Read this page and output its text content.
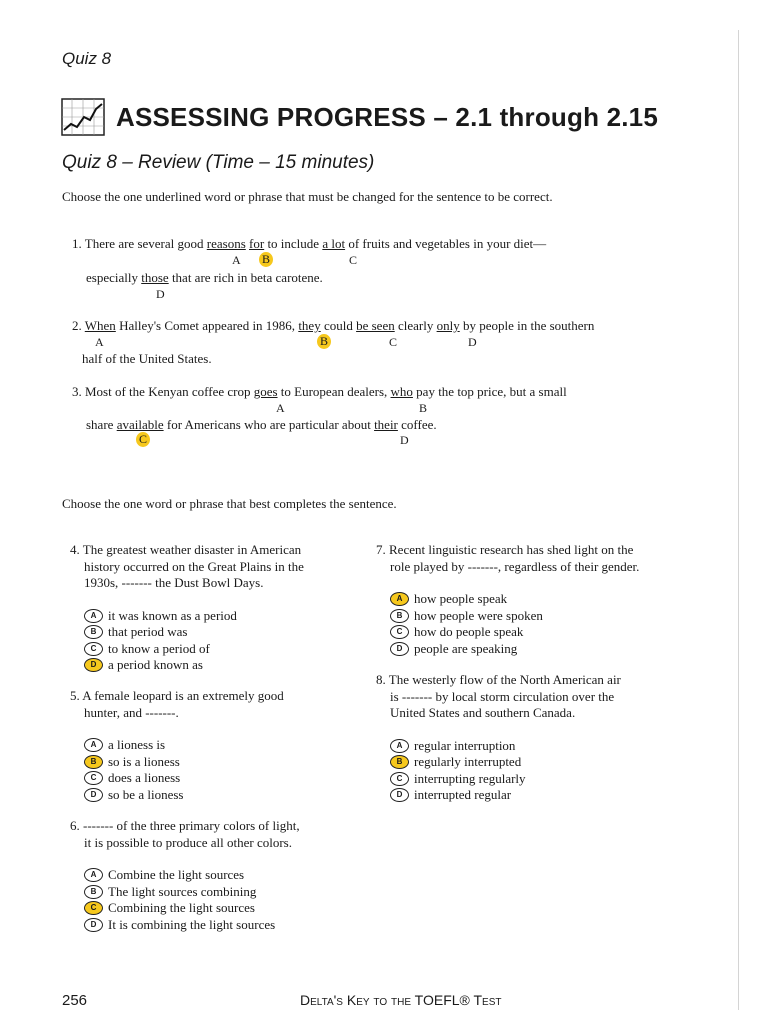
Quiz 8
ASSESSING PROGRESS – 2.1 through 2.15
Quiz 8 – Review (Time – 15 minutes)
Choose the one underlined word or phrase that must be changed for the sentence to be correct.
1. There are several good reasons for to include a lot of fruits and vegetables in your diet—
A B	C
especially those that are rich in beta carotene.
D
2. When Halley's Comet appeared in 1986, they could be seen clearly only by people in the southern
A	B	C	D
half of the United States.
3. Most of the Kenyan coffee crop goes to European dealers, who pay the top price, but a small
A	B
share available for Americans who are particular about their coffee.
C	D
Choose the one word or phrase that best completes the sentence.
4. The greatest weather disaster in American
history occurred on the Great Plains in the
1930s, ------- the Dust Bowl Days.
A it was known as a period
B that period was
C to know a period of
D a period known as
5. A female leopard is an extremely good
hunter, and -------.
A a lioness is
B so is a lioness
C does a lioness
D so be a lioness
6. ------- of the three primary colors of light,
it is possible to produce all other colors.
A Combine the light sources
B The light sources combining
C Combining the light sources
D It is combining the light sources
7. Recent linguistic research has shed light on the
role played by -------, regardless of their gender.
A how people speak
B how people were spoken
C how do people speak
D people are speaking
8. The westerly flow of the North American air
is ------- by local storm circulation over the
United States and southern Canada.
A regular interruption
B regularly interrupted
C interrupting regularly
D interrupted regular
256	Delta's Key to the TOEFL® Test
